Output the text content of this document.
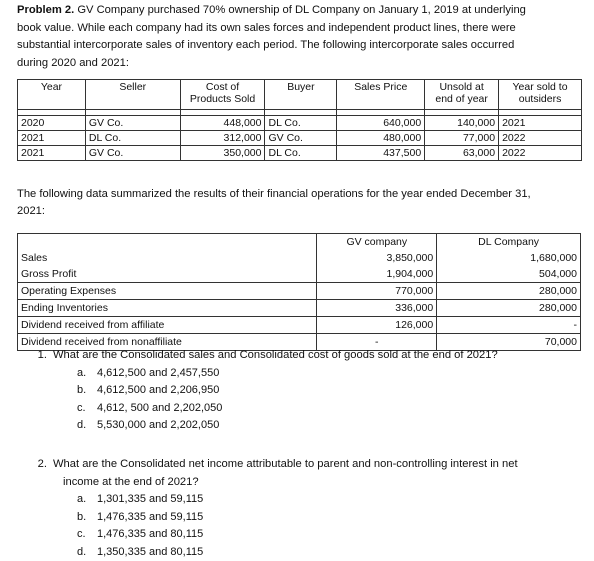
Problem 2. GV Company purchased 70% ownership of DL Company on January 1, 2019 at underlying
book value. While each company had its own sales forces and independent product lines, there were
substantial intercorporate sales of inventory each period. The following intercorporate sales occurred
during 2020 and 2021:
Year	Seller	Cost of
Products Sold	Buyer	Sales Price	Unsold at
end of year	Year sold to
outsiders

2020	GV Co.	448,000	DL Co.	640,000	140,000	2021
2021	DL Co.	312,000	GV Co.	480,000	77,000	2022
2021	GV Co.	350,000	DL Co.	437,500	63,000	2022
The following data summarized the results of their financial operations for the year ended December 31,
2021:
	GV company	DL Company
Sales	3,850,000	1,680,000
Gross Profit	1,904,000	504,000
Operating Expenses	770,000	280,000
Ending Inventories	336,000	280,000
Dividend received from affiliate	126,000	-
Dividend received from nonaffiliate	-	70,000
1. What are the Consolidated sales and Consolidated cost of goods sold at the end of 2021?
a. 4,612,500 and 2,457,550
b. 4,612,500 and 2,206,950
c. 4,612, 500 and 2,202,050
d. 5,530,000 and 2,202,050
2. What are the Consolidated net income attributable to parent and non-controlling interest in net
income at the end of 2021?
a. 1,301,335 and 59,115
b. 1,476,335 and 59,115
c. 1,476,335 and 80,115
d. 1,350,335 and 80,115
